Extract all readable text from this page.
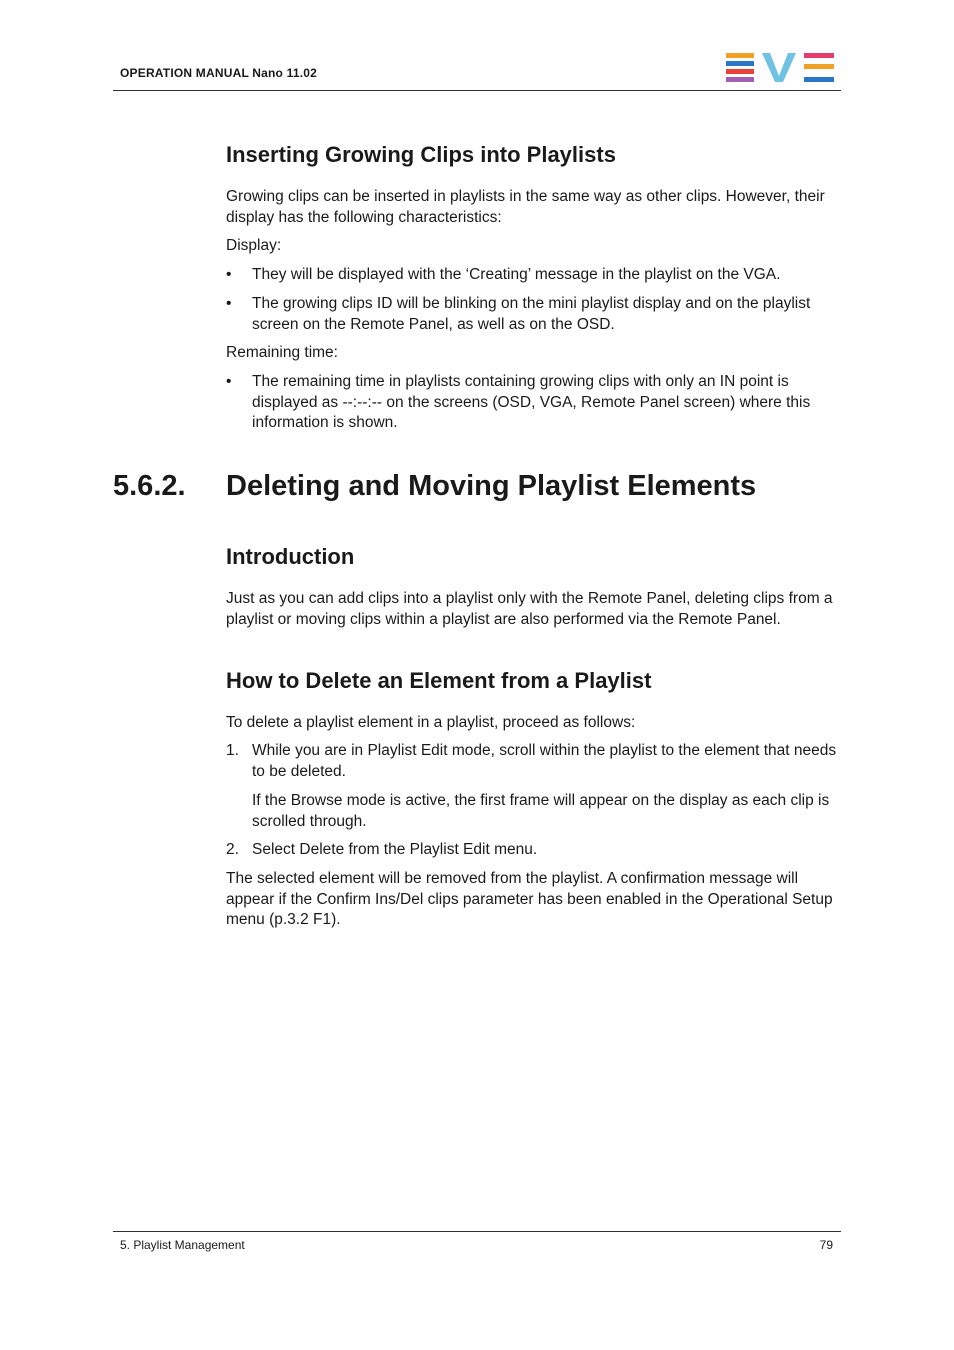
OPERATION MANUAL Nano 11.02
Inserting Growing Clips into Playlists

Growing clips can be inserted in playlists in the same way as other clips. However, their display has the following characteristics:

Display:

•	They will be displayed with the ‘Creating’ message in the playlist on the VGA.
•	The growing clips ID will be blinking on the mini playlist display and on the playlist screen on the Remote Panel, as well as on the OSD.

Remaining time:

•	The remaining time in playlists containing growing clips with only an IN point is displayed as --:--:-- on the screens (OSD, VGA, Remote Panel screen) where this information is shown.
5.6.2. Deleting and Moving Playlist Elements
Introduction

Just as you can add clips into a playlist only with the Remote Panel, deleting clips from a playlist or moving clips within a playlist are also performed via the Remote Panel.

How to Delete an Element from a Playlist

To delete a playlist element in a playlist, proceed as follows:

1. While you are in Playlist Edit mode, scroll within the playlist to the element that needs to be deleted.
If the Browse mode is active, the first frame will appear on the display as each clip is scrolled through.
2. Select Delete from the Playlist Edit menu.

The selected element will be removed from the playlist. A confirmation message will appear if the Confirm Ins/Del clips parameter has been enabled in the Operational Setup menu (p.3.2 F1).

5. Playlist Management	79
